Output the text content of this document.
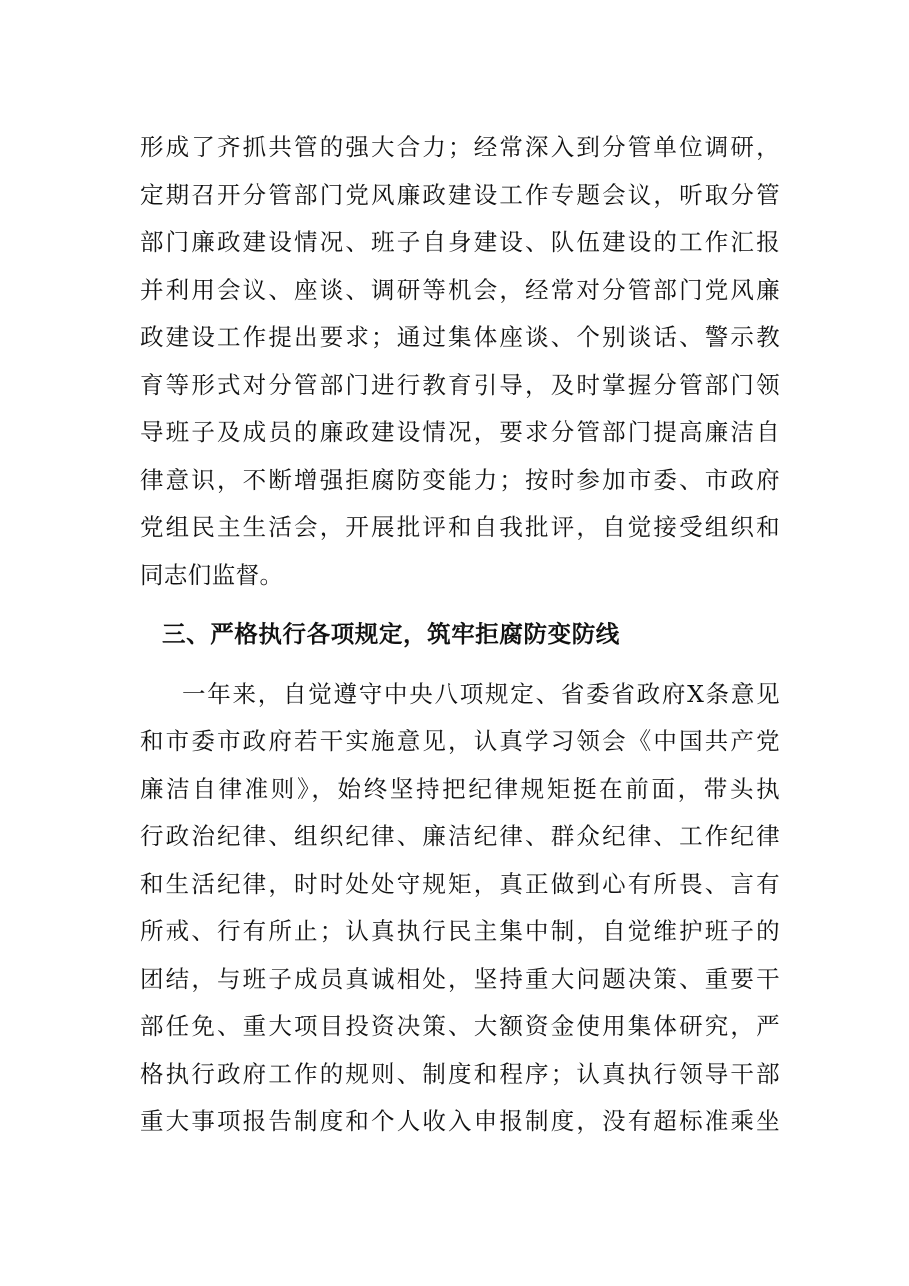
形成了齐抓共管的强大合力；经常深入到分管单位调研，
定期召开分管部门党风廉政建设工作专题会议，听取分管
部门廉政建设情况、班子自身建设、队伍建设的工作汇报
并利用会议、座谈、调研等机会，经常对分管部门党风廉
政建设工作提出要求；通过集体座谈、个别谈话、警示教
育等形式对分管部门进行教育引导，及时掌握分管部门领
导班子及成员的廉政建设情况，要求分管部门提高廉洁自
律意识，不断增强拒腐防变能力；按时参加市委、市政府
党组民主生活会，开展批评和自我批评，自觉接受组织和
同志们监督。
三、严格执行各项规定，筑牢拒腐防变防线
一年来，自觉遵守中央八项规定、省委省政府X条意见
和市委市政府若干实施意见，认真学习领会《中国共产党
廉洁自律准则》，始终坚持把纪律规矩挺在前面，带头执
行政治纪律、组织纪律、廉洁纪律、群众纪律、工作纪律
和生活纪律，时时处处守规矩，真正做到心有所畏、言有
所戒、行有所止；认真执行民主集中制，自觉维护班子的
团结，与班子成员真诚相处，坚持重大问题决策、重要干
部任免、重大项目投资决策、大额资金使用集体研究，严
格执行政府工作的规则、制度和程序；认真执行领导干部
重大事项报告制度和个人收入申报制度，没有超标准乘坐
